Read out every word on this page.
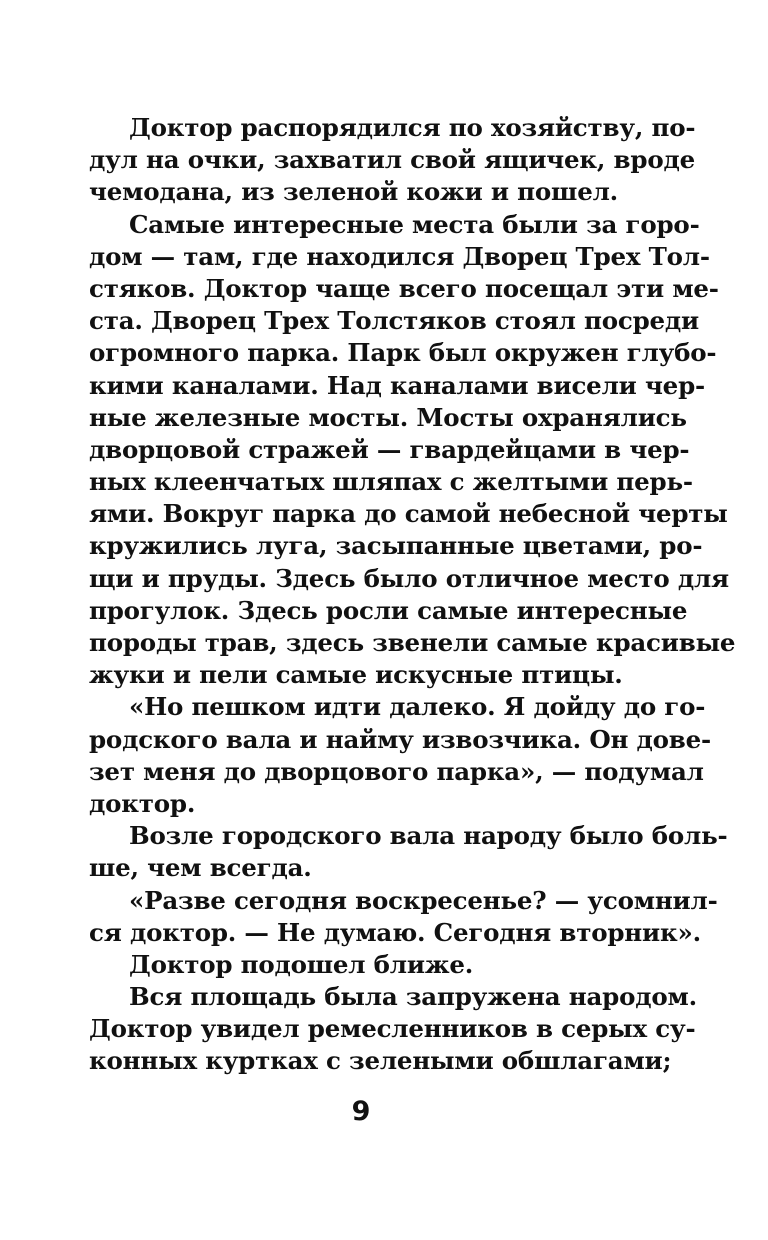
Доктор распорядился по хозяйству, по-
дул на очки, захватил свой ящичек, вроде
чемодана, из зеленой кожи и пошел.
Самые интересные места были за горо-
дом — там, где находился Дворец Трех Тол-
стяков. Доктор чаще всего посещал эти ме-
ста. Дворец Трех Толстяков стоял посреди
огромного парка. Парк был окружен глубо-
кими каналами. Над каналами висели чер-
ные железные мосты. Мосты охранялись
дворцовой стражей — гвардейцами в чер-
ных клеенчатых шляпах с желтыми перь-
ями. Вокруг парка до самой небесной черты
кружились луга, засыпанные цветами, ро-
щи и пруды. Здесь было отличное место для
прогулок. Здесь росли самые интересные
породы трав, здесь звенели самые красивые
жуки и пели самые искусные птицы.
«Но пешком идти далеко. Я дойду до го-
родского вала и найму извозчика. Он дове-
зет меня до дворцового парка», — подумал
доктор.
Возле городского вала народу было боль-
ше, чем всегда.
«Разве сегодня воскресенье? — усомнил-
ся доктор. — Не думаю. Сегодня вторник».
Доктор подошел ближе.
Вся площадь была запружена народом.
Доктор увидел ремесленников в серых су-
конных куртках с зелеными обшлагами;
9
